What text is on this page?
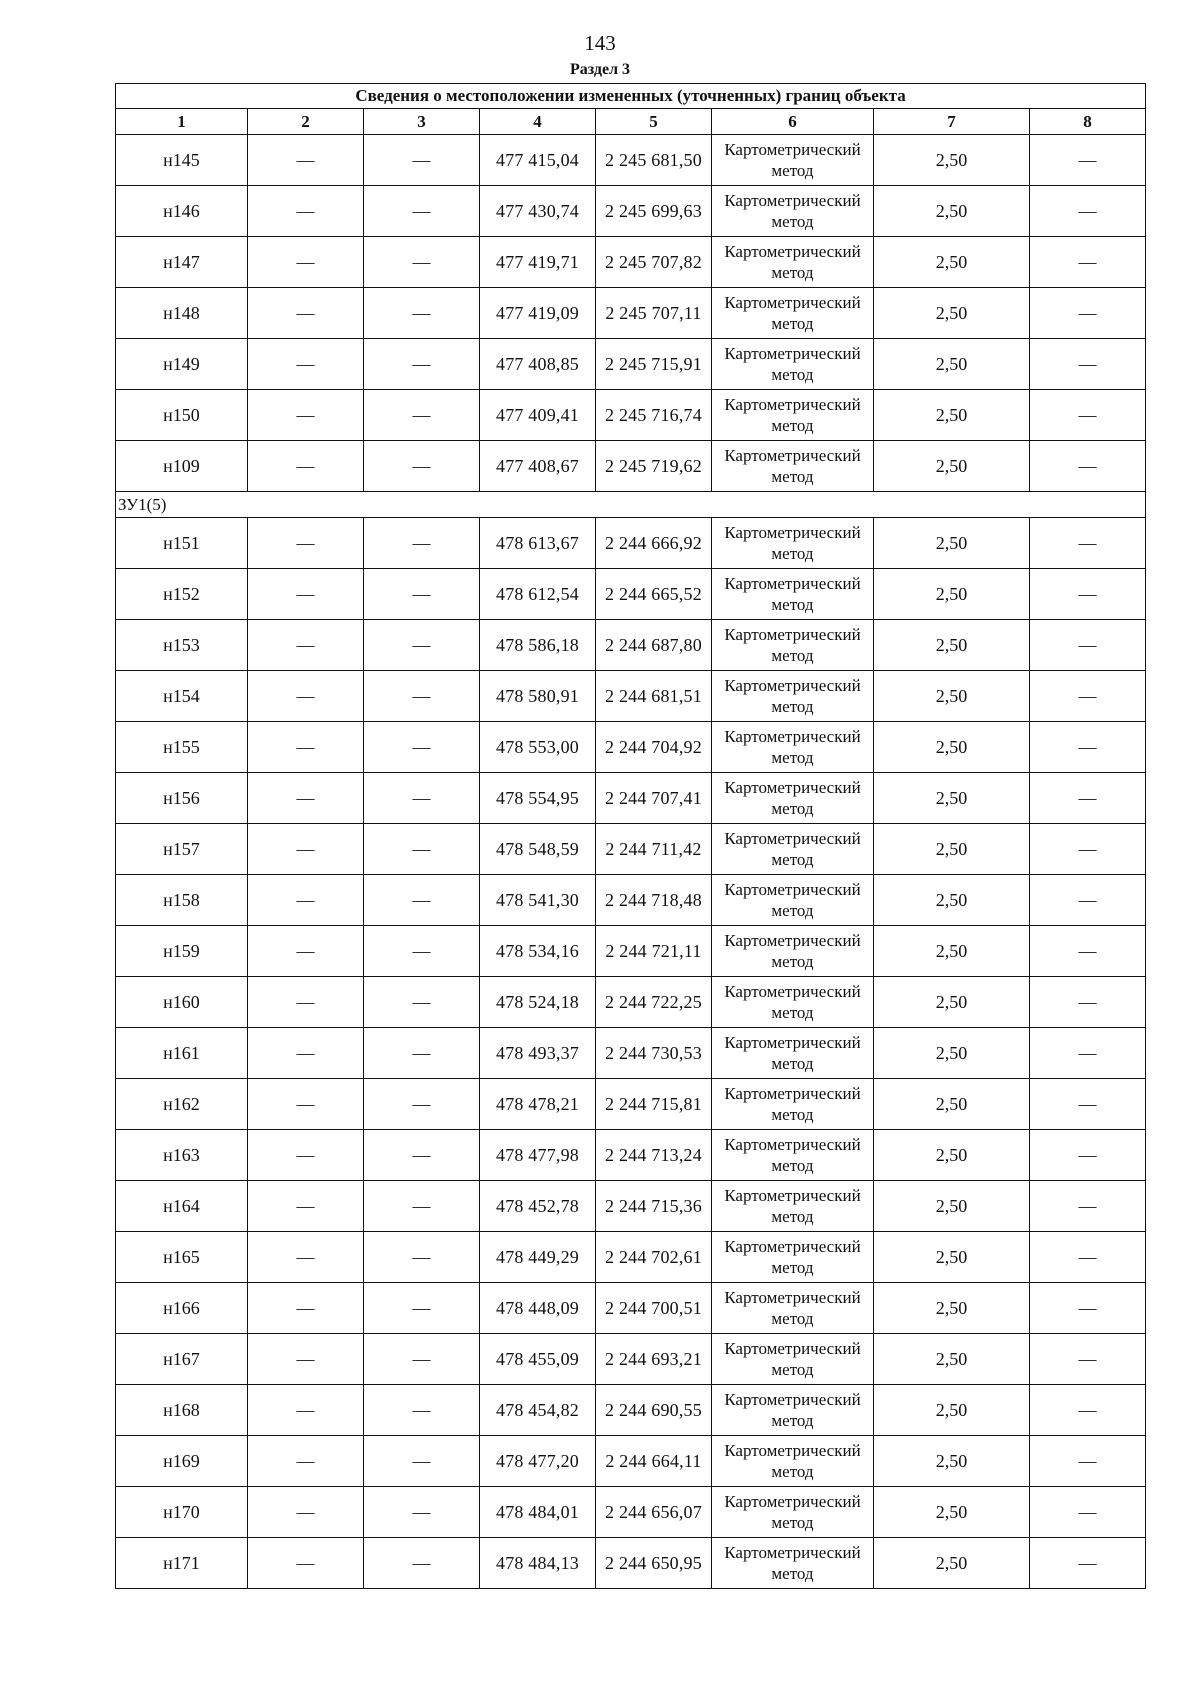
143
Раздел 3
Сведения о местоположении измененных (уточненных) границ объекта							
1	2	3	4	5	6	7	8
н145	—	—	477 415,04	2 245 681,50	Картометрический метод	2,50	—
н146	—	—	477 430,74	2 245 699,63	Картометрический метод	2,50	—
н147	—	—	477 419,71	2 245 707,82	Картометрический метод	2,50	—
н148	—	—	477 419,09	2 245 707,11	Картометрический метод	2,50	—
н149	—	—	477 408,85	2 245 715,91	Картометрический метод	2,50	—
н150	—	—	477 409,41	2 245 716,74	Картометрический метод	2,50	—
н109	—	—	477 408,67	2 245 719,62	Картометрический метод	2,50	—
ЗУ1(5)							
н151	—	—	478 613,67	2 244 666,92	Картометрический метод	2,50	—
н152	—	—	478 612,54	2 244 665,52	Картометрический метод	2,50	—
н153	—	—	478 586,18	2 244 687,80	Картометрический метод	2,50	—
н154	—	—	478 580,91	2 244 681,51	Картометрический метод	2,50	—
н155	—	—	478 553,00	2 244 704,92	Картометрический метод	2,50	—
н156	—	—	478 554,95	2 244 707,41	Картометрический метод	2,50	—
н157	—	—	478 548,59	2 244 711,42	Картометрический метод	2,50	—
н158	—	—	478 541,30	2 244 718,48	Картометрический метод	2,50	—
н159	—	—	478 534,16	2 244 721,11	Картометрический метод	2,50	—
н160	—	—	478 524,18	2 244 722,25	Картометрический метод	2,50	—
н161	—	—	478 493,37	2 244 730,53	Картометрический метод	2,50	—
н162	—	—	478 478,21	2 244 715,81	Картометрический метод	2,50	—
н163	—	—	478 477,98	2 244 713,24	Картометрический метод	2,50	—
н164	—	—	478 452,78	2 244 715,36	Картометрический метод	2,50	—
н165	—	—	478 449,29	2 244 702,61	Картометрический метод	2,50	—
н166	—	—	478 448,09	2 244 700,51	Картометрический метод	2,50	—
н167	—	—	478 455,09	2 244 693,21	Картометрический метод	2,50	—
н168	—	—	478 454,82	2 244 690,55	Картометрический метод	2,50	—
н169	—	—	478 477,20	2 244 664,11	Картометрический метод	2,50	—
н170	—	—	478 484,01	2 244 656,07	Картометрический метод	2,50	—
н171	—	—	478 484,13	2 244 650,95	Картометрический метод	2,50	—
